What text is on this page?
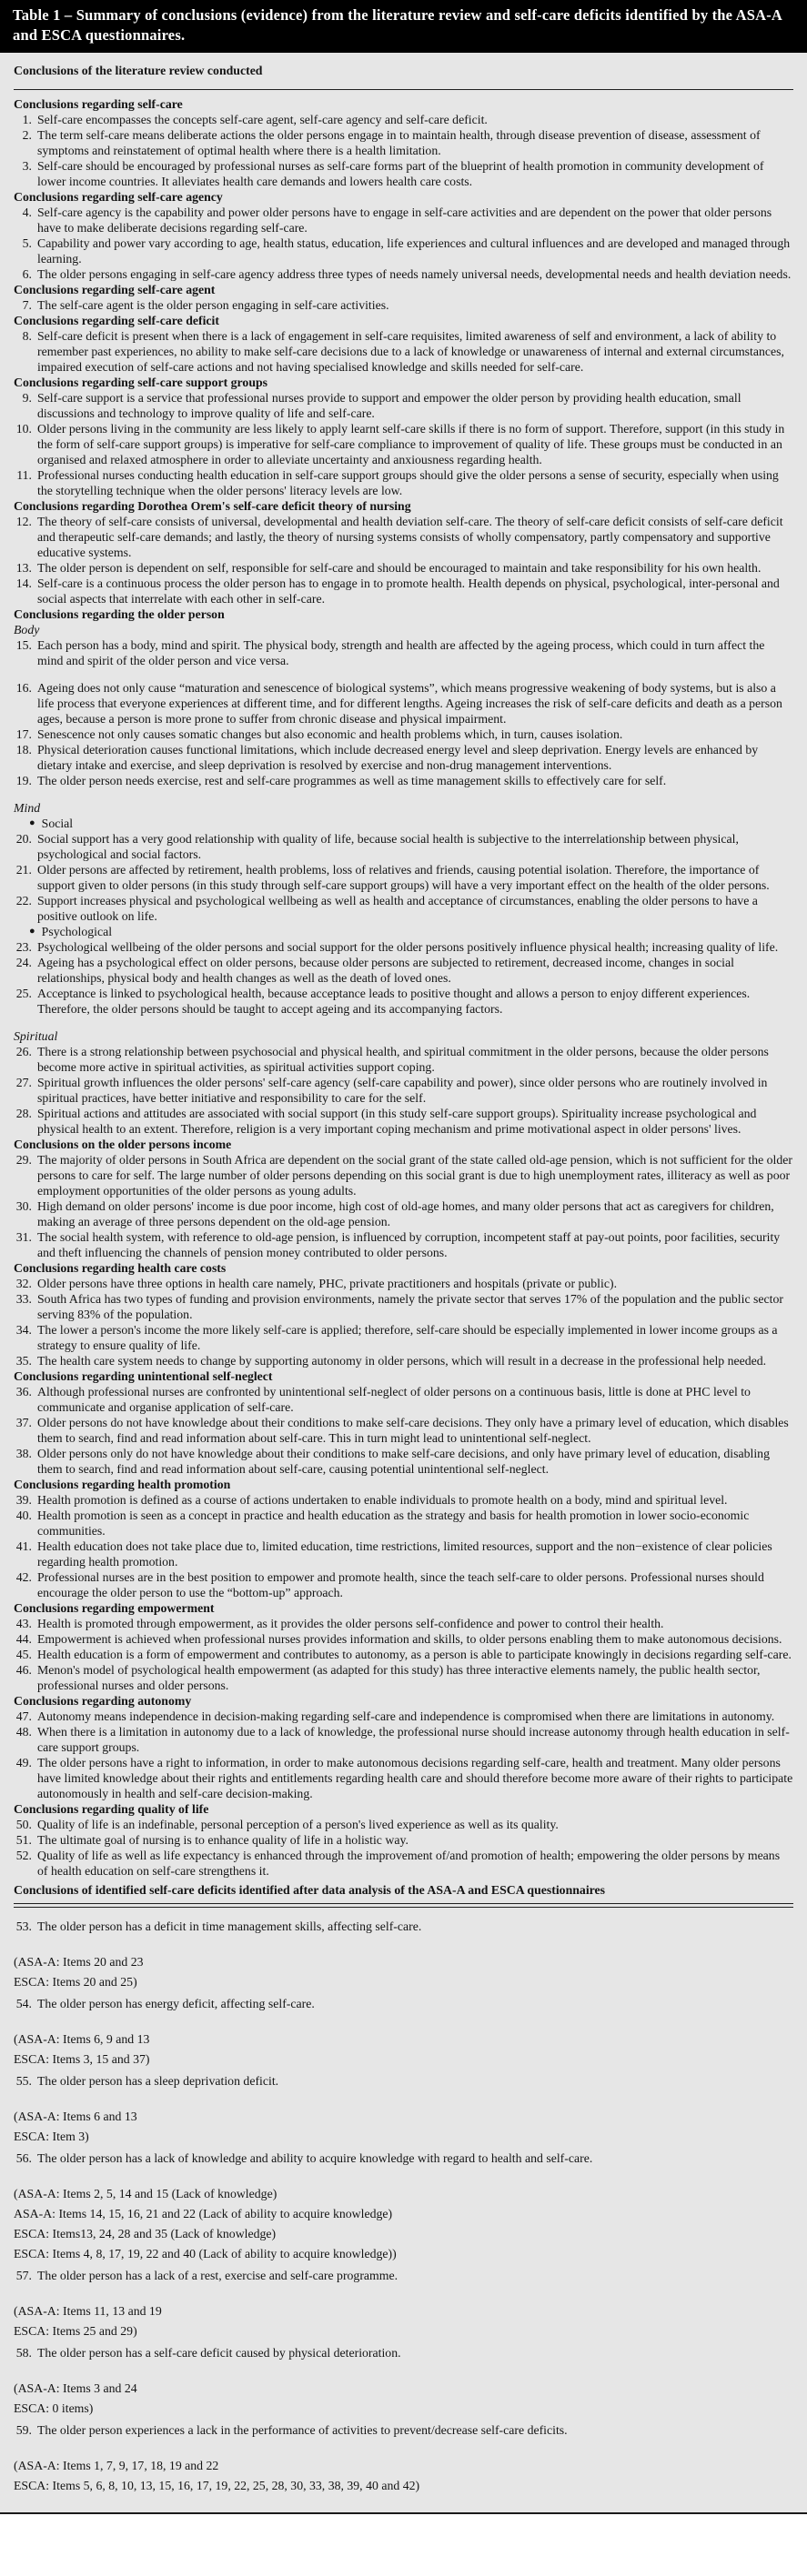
Table 1 – Summary of conclusions (evidence) from the literature review and self-care deficits identified by the ASA-A and ESCA questionnaires.
Conclusions of the literature review conducted
Conclusions regarding self-care
1. Self-care encompasses the concepts self-care agent, self-care agency and self-care deficit.
2. The term self-care means deliberate actions the older persons engage in to maintain health, through disease prevention of disease, assessment of symptoms and reinstatement of optimal health where there is a health limitation.
3. Self-care should be encouraged by professional nurses as self-care forms part of the blueprint of health promotion in community development of lower income countries. It alleviates health care demands and lowers health care costs.
Conclusions regarding self-care agency
4. Self-care agency is the capability and power older persons have to engage in self-care activities and are dependent on the power that older persons have to make deliberate decisions regarding self-care.
5. Capability and power vary according to age, health status, education, life experiences and cultural influences and are developed and managed through learning.
6. The older persons engaging in self-care agency address three types of needs namely universal needs, developmental needs and health deviation needs.
Conclusions regarding self-care agent
7. The self-care agent is the older person engaging in self-care activities.
Conclusions regarding self-care deficit
8. Self-care deficit is present when there is a lack of engagement in self-care requisites, limited awareness of self and environment, a lack of ability to remember past experiences, no ability to make self-care decisions due to a lack of knowledge or unawareness of internal and external circumstances, impaired execution of self-care actions and not having specialised knowledge and skills needed for self-care.
Conclusions regarding self-care support groups
9. Self-care support is a service that professional nurses provide to support and empower the older person by providing health education, small discussions and technology to improve quality of life and self-care.
10. Older persons living in the community are less likely to apply learnt self-care skills if there is no form of support. Therefore, support (in this study in the form of self-care support groups) is imperative for self-care compliance to improvement of quality of life. These groups must be conducted in an organised and relaxed atmosphere in order to alleviate uncertainty and anxiousness regarding health.
11. Professional nurses conducting health education in self-care support groups should give the older persons a sense of security, especially when using the storytelling technique when the older persons' literacy levels are low.
Conclusions regarding Dorothea Orem's self-care deficit theory of nursing
12. The theory of self-care consists of universal, developmental and health deviation self-care. The theory of self-care deficit consists of self-care deficit and therapeutic self-care demands; and lastly, the theory of nursing systems consists of wholly compensatory, partly compensatory and supportive educative systems.
13. The older person is dependent on self, responsible for self-care and should be encouraged to maintain and take responsibility for his own health.
14. Self-care is a continuous process the older person has to engage in to promote health. Health depends on physical, psychological, inter-personal and social aspects that interrelate with each other in self-care.
Conclusions regarding the older person
Body
15. Each person has a body, mind and spirit. The physical body, strength and health are affected by the ageing process, which could in turn affect the mind and spirit of the older person and vice versa.
16. Ageing does not only cause “maturation and senescence of biological systems”, which means progressive weakening of body systems, but is also a life process that everyone experiences at different time, and for different lengths. Ageing increases the risk of self-care deficits and death as a person ages, because a person is more prone to suffer from chronic disease and physical impairment.
17. Senescence not only causes somatic changes but also economic and health problems which, in turn, causes isolation.
18. Physical deterioration causes functional limitations, which include decreased energy level and sleep deprivation. Energy levels are enhanced by dietary intake and exercise, and sleep deprivation is resolved by exercise and non-drug management interventions.
19. The older person needs exercise, rest and self-care programmes as well as time management skills to effectively care for self.
Mind
● Social
20. Social support has a very good relationship with quality of life, because social health is subjective to the interrelationship between physical, psychological and social factors.
21. Older persons are affected by retirement, health problems, loss of relatives and friends, causing potential isolation. Therefore, the importance of support given to older persons (in this study through self-care support groups) will have a very important effect on the health of the older persons.
22. Support increases physical and psychological wellbeing as well as health and acceptance of circumstances, enabling the older persons to have a positive outlook on life.
● Psychological
23. Psychological wellbeing of the older persons and social support for the older persons positively influence physical health; increasing quality of life.
24. Ageing has a psychological effect on older persons, because older persons are subjected to retirement, decreased income, changes in social relationships, physical body and health changes as well as the death of loved ones.
25. Acceptance is linked to psychological health, because acceptance leads to positive thought and allows a person to enjoy different experiences. Therefore, the older persons should be taught to accept ageing and its accompanying factors.
Spiritual
26. There is a strong relationship between psychosocial and physical health, and spiritual commitment in the older persons, because the older persons become more active in spiritual activities, as spiritual activities support coping.
27. Spiritual growth influences the older persons' self-care agency (self-care capability and power), since older persons who are routinely involved in spiritual practices, have better initiative and responsibility to care for the self.
28. Spiritual actions and attitudes are associated with social support (in this study self-care support groups). Spirituality increase psychological and physical health to an extent. Therefore, religion is a very important coping mechanism and prime motivational aspect in older persons' lives.
Conclusions on the older persons income
29. The majority of older persons in South Africa are dependent on the social grant of the state called old-age pension, which is not sufficient for the older persons to care for self. The large number of older persons depending on this social grant is due to high unemployment rates, illiteracy as well as poor employment opportunities of the older persons as young adults.
30. High demand on older persons' income is due poor income, high cost of old-age homes, and many older persons that act as caregivers for children, making an average of three persons dependent on the old-age pension.
31. The social health system, with reference to old-age pension, is influenced by corruption, incompetent staff at pay-out points, poor facilities, security and theft influencing the channels of pension money contributed to older persons.
Conclusions regarding health care costs
32. Older persons have three options in health care namely, PHC, private practitioners and hospitals (private or public).
33. South Africa has two types of funding and provision environments, namely the private sector that serves 17% of the population and the public sector serving 83% of the population.
34. The lower a person's income the more likely self-care is applied; therefore, self-care should be especially implemented in lower income groups as a strategy to ensure quality of life.
35. The health care system needs to change by supporting autonomy in older persons, which will result in a decrease in the professional help needed.
Conclusions regarding unintentional self-neglect
36. Although professional nurses are confronted by unintentional self-neglect of older persons on a continuous basis, little is done at PHC level to communicate and organise application of self-care.
37. Older persons do not have knowledge about their conditions to make self-care decisions. They only have a primary level of education, which disables them to search, find and read information about self-care. This in turn might lead to unintentional self-neglect.
38. Older persons only do not have knowledge about their conditions to make self-care decisions, and only have primary level of education, disabling them to search, find and read information about self-care, causing potential unintentional self-neglect.
Conclusions regarding health promotion
39. Health promotion is defined as a course of actions undertaken to enable individuals to promote health on a body, mind and spiritual level.
40. Health promotion is seen as a concept in practice and health education as the strategy and basis for health promotion in lower socio-economic communities.
41. Health education does not take place due to, limited education, time restrictions, limited resources, support and the non−existence of clear policies regarding health promotion.
42. Professional nurses are in the best position to empower and promote health, since the teach self-care to older persons. Professional nurses should encourage the older person to use the “bottom-up” approach.
Conclusions regarding empowerment
43. Health is promoted through empowerment, as it provides the older persons self-confidence and power to control their health.
44. Empowerment is achieved when professional nurses provides information and skills, to older persons enabling them to make autonomous decisions.
45. Health education is a form of empowerment and contributes to autonomy, as a person is able to participate knowingly in decisions regarding self-care.
46. Menon's model of psychological health empowerment (as adapted for this study) has three interactive elements namely, the public health sector, professional nurses and older persons.
Conclusions regarding autonomy
47. Autonomy means independence in decision-making regarding self-care and independence is compromised when there are limitations in autonomy.
48. When there is a limitation in autonomy due to a lack of knowledge, the professional nurse should increase autonomy through health education in self-care support groups.
49. The older persons have a right to information, in order to make autonomous decisions regarding self-care, health and treatment. Many older persons have limited knowledge about their rights and entitlements regarding health care and should therefore become more aware of their rights to participate autonomously in health and self-care decision-making.
Conclusions regarding quality of life
50. Quality of life is an indefinable, personal perception of a person's lived experience as well as its quality.
51. The ultimate goal of nursing is to enhance quality of life in a holistic way.
52. Quality of life as well as life expectancy is enhanced through the improvement of/and promotion of health; empowering the older persons by means of health education on self-care strengthens it.
Conclusions of identified self-care deficits identified after data analysis of the ASA-A and ESCA questionnaires
53. The older person has a deficit in time management skills, affecting self-care.
(ASA-A: Items 20 and 23
ESCA: Items 20 and 25)
54. The older person has energy deficit, affecting self-care.
(ASA-A: Items 6, 9 and 13
ESCA: Items 3, 15 and 37)
55. The older person has a sleep deprivation deficit.
(ASA-A: Items 6 and 13
ESCA: Item 3)
56. The older person has a lack of knowledge and ability to acquire knowledge with regard to health and self-care.
(ASA-A: Items 2, 5, 14 and 15 (Lack of knowledge)
ASA-A: Items 14, 15, 16, 21 and 22 (Lack of ability to acquire knowledge)
ESCA: Items13, 24, 28 and 35 (Lack of knowledge)
ESCA: Items 4, 8, 17, 19, 22 and 40 (Lack of ability to acquire knowledge))
57. The older person has a lack of a rest, exercise and self-care programme.
(ASA-A: Items 11, 13 and 19
ESCA: Items 25 and 29)
58. The older person has a self-care deficit caused by physical deterioration.
(ASA-A: Items 3 and 24
ESCA: 0 items)
59. The older person experiences a lack in the performance of activities to prevent/decrease self-care deficits.
(ASA-A: Items 1, 7, 9, 17, 18, 19 and 22
ESCA: Items 5, 6, 8, 10, 13, 15, 16, 17, 19, 22, 25, 28, 30, 33, 38, 39, 40 and 42)
